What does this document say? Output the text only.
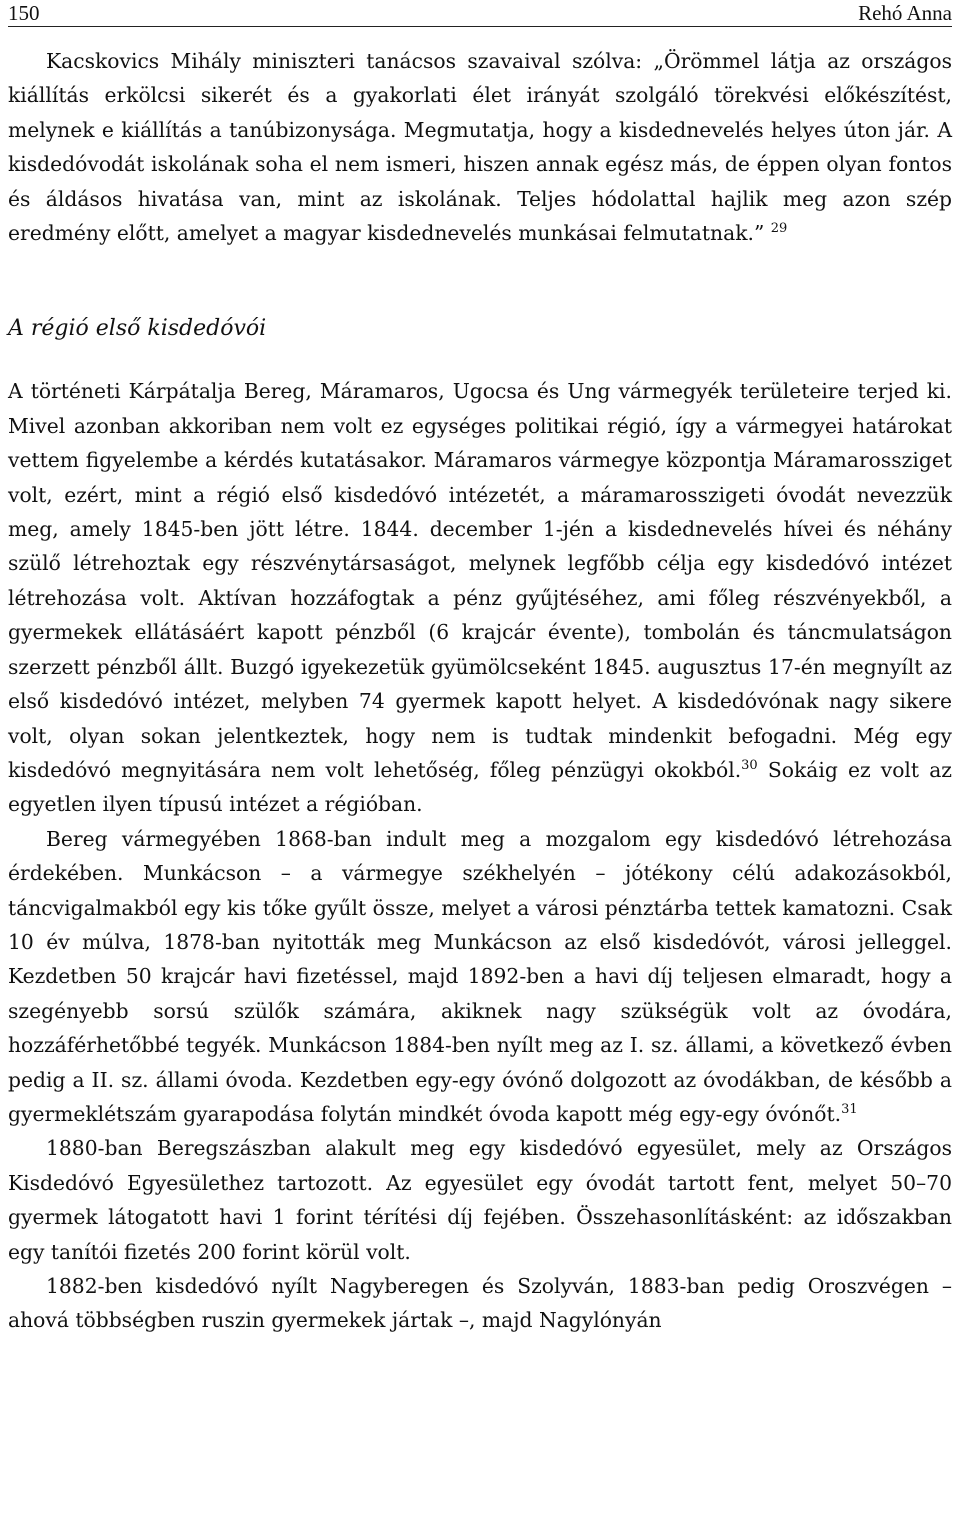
150	Rehó Anna

Kacskovics Mihály miniszteri tanácsos szavaival szólva: „Örömmel látja az országos kiállítás erkölcsi sikerét és a gyakorlati élet irányát szolgáló törekvési előkészítést, melynek e kiállítás a tanúbizonysága. Megmutatja, hogy a kisdednevelés helyes úton jár. A kisdedóvodát iskolának soha el nem ismeri, hiszen annak egész más, de éppen olyan fontos és áldásos hivatása van, mint az iskolának. Teljes hódolattal hajlik meg azon szép eredmény előtt, amelyet a magyar kisdednevelés munkásai felmutatnak.” $^{29}$

A régió első kisdedóvói

A történeti Kárpátalja Bereg, Máramaros, Ugocsa és Ung vármegyék területeire terjed ki. Mivel azonban akkoriban nem volt ez egységes politikai régió, így a vármegyei határokat vettem figyelembe a kérdés kutatásakor. Máramaros vármegye központja Máramarossziget volt, ezért, mint a régió első kisdedóvó intézetét, a máramarosszigeti óvodát nevezzük meg, amely 1845-ben jött létre. 1844. december 1-jén a kisdednevelés hívei és néhány szülő létrehoztak egy részvénytársaságot, melynek legfőbb célja egy kisdedóvó intézet létrehozása volt. Aktívan hozzáfogtak a pénz gyűjtéséhez, ami főleg részvényekből, a gyermekek ellátásáért kapott pénzből (6 krajcár évente), tombolán és táncmulatságon szerzett pénzből állt. Buzgó igyekezetük gyümölcseként 1845. augusztus 17-én megnyílt az első kisdedóvó intézet, melyben 74 gyermek kapott helyet. A kisdedóvónak nagy sikere volt, olyan sokan jelentkeztek, hogy nem is tudtak mindenkit befogadni. Még egy kisdedóvó megnyitására nem volt lehetőség, főleg pénzügyi okokból.$^{30}$ Sokáig ez volt az egyetlen ilyen típusú intézet a régióban.

Bereg vármegyében 1868-ban indult meg a mozgalom egy kisdedóvó létrehozása érdekében. Munkácson – a vármegye székhelyén – jótékony célú adakozásokból, táncvigalmakból egy kis tőke gyűlt össze, melyet a városi pénztárba tettek kamatozni. Csak 10 év múlva, 1878-ban nyitották meg Munkácson az első kisdedóvót, városi jelleggel. Kezdetben 50 krajcár havi fizetéssel, majd 1892-ben a havi díj teljesen elmaradt, hogy a szegényebb sorsú szülők számára, akiknek nagy szükségük volt az óvodára, hozzáférhetőbbé tegyék. Munkácson 1884-ben nyílt meg az I. sz. állami, a következő évben pedig a II. sz. állami óvoda. Kezdetben egy-egy óvónő dolgozott az óvodákban, de később a gyermeklétszám gyarapodása folytán mindkét óvoda kapott még egy-egy óvónőt.$^{31}$

1880-ban Beregszászban alakult meg egy kisdedóvó egyesület, mely az Országos Kisdedóvó Egyesülethez tartozott. Az egyesület egy óvodát tartott fent, melyet 50–70 gyermek látogatott havi 1 forint térítési díj fejében. Összehasonlításként: az időszakban egy tanítói fizetés 200 forint körül volt.

1882-ben kisdedóvó nyílt Nagyberegen és Szolyván, 1883-ban pedig Oroszvégen – ahová többségben ruszin gyermekek jártak –, majd Nagylónyán
